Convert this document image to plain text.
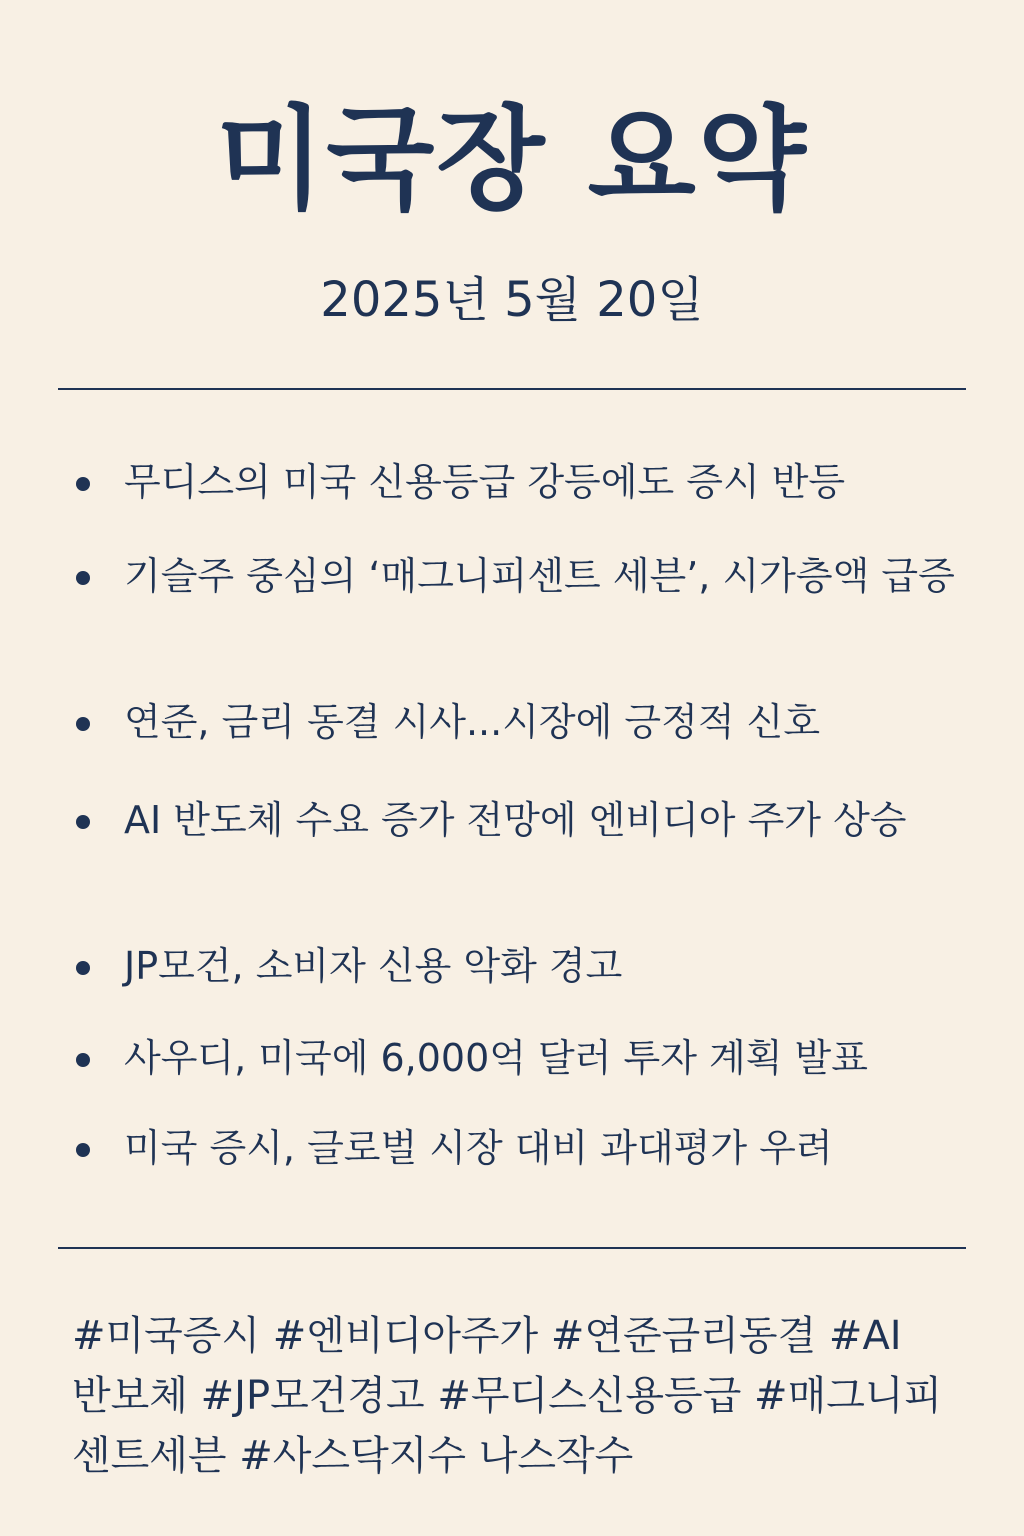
미국장 요약
2025년 5월 20일
무디스의 미국 신용등급 강등에도 증시 반등
기슬주 중심의 ‘매그니피센트 세븐’, 시가층액 급증
연준, 금리 동결 시사...시장에 긍정적 신호
AI 반도체 수요 증가 전망에 엔비디아 주가 상승
JP모건, 소비자 신용 악화 경고
사우디, 미국에 6,000억 달러 투자 계획 발표
미국 증시, 글로벌 시장 대비 과대평가 우려

#미국증시 #엔비디아주가 #연준금리동결 #AI 반보체 #JP모건경고 #무디스신용등급 #매그니피센트세븐 #사스닥지수 나스작수
